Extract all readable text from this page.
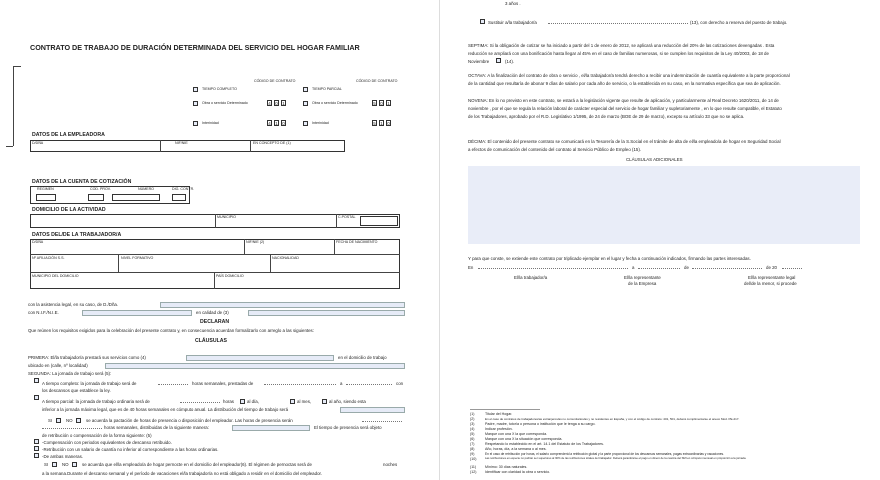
CONTRATO DE TRABAJO DE DURACIÓN DETERMINADA DEL SERVICIO DEL HOGAR FAMILIAR
CÓDIGO DE CONTRATO	CÓDIGO DE CONTRATO
TIEMPO COMPLETO	TIEMPO PARCIAL
Obra o servicio Determinado	4 0 1	Obra o servicio Determinado	5 0 1
Interinidad	4 1 0	Interinidad	5 1 0
DATOS DE LA EMPLEADORA
D/DÑA	NIF/NIE	EN CONCEPTO DE (1)
DATOS DE LA CUENTA DE COTIZACIÓN
REGIMEN	COD. PROV.	NÚMERO	DIG. CONTR.
DOMICILIO DE LA ACTIVIDAD
MUNICIPIO	C.POSTAL
DATOS DEL/DE LA TRABAJADOR/A
D/DÑA	NIF/NIE (2)	FECHA DE NACIMIENTO
Nº AFILIACIÓN S.S.	NIVEL FORMATIVO	NACIONALIDAD
MUNICIPIO DEL DOMICILIO	PAÍS DOMICILIO
con la asistencia legal, en su caso, de D./Dña.
con N.I.F./N.I.E.	en calidad de (3)
DECLARAN
Que reúnen los requisitos exigidos para la celebración del presente contrato y, en consecuencia acuerdan formalizarlo con arreglo a las siguientes:
CLÁUSULAS
PRIMERA: El/la trabajador/a prestará sus servicios como (4)	en el domicilio de trabajo
ubicado en (calle, nº localidad)
SEGUNDA: La jornada de trabajo será (5):
A tiempo completo: la jornada de trabajo será de	horas semanales, prestadas de	a	con
los descansos que establece la ley.
A tiempo parcial: la jornada de trabajo ordinaria será de	horas	al día,	al mes,	al año, siendo esta
inferior a la jornada máxima legal, que es de 40 horas semanales en cómputo anual. La distribución del tiempo de trabajo será
SI	NO	se acuerda la pactación de horas de presencia o disposición del empleador. Las horas de presencia serán
horas semanales, distribuidas de la siguiente manera:	El tiempo de presencia será objeto
de retribución o compensación de la forma siguiente: (5)
-Compensación con periodos equivalentes de descanso retribuido.
-Retribución con un salario de cuantía no inferior al correspondiente a las horas ordinarias.
-De ambas maneras.
SI	NO	se acuerda que el/la empleado/a de hogar pernocte en el domicilio del empleador(6). El régimen de pernoctas será de	noches
a la semana.Durante el descanso semanal y el período de vacaciones el/la trabajador/a no está obligado a residir en el domicilio del empleador.
3 años .
Sustituir a/la trabajador/a	(13), con derecho a reserva del puesto de trabajo.
SEPTIMA: Si la obligación de cotizar se ha iniciado a partir del 1 de enero de 2012, se aplicará una reducción del 20% de las cotizaciones devengadas . Esta
reducción se ampliará con una bonificación hasta llegar al 45% en el caso de familias numerosas, si se cumplen los requisitos de la Ley 40/2003, de 18 de
Noviembre	(14).
OCTAVA: A la finalización del contrato de obra o servicio , el/la trabajador/a tendrá derecho a recibir una indemnización de cuantía equivalente a la parte proporcional
de la cantidad que resultaría de abonar 9 días de salario por cada año de servicio, o la establecida en su caso, en la normativa específica que sea de aplicación.
NOVENA: En lo no previsto en este contrato, se estará a la legislación vigente que resulte de aplicación, y particularmente al Real Decreto 1620/2011, de 14 de
noviembre , por el que se regula la relación laboral de carácter especial del servicio de hogar familiar y supletoriamente , en lo que resulte compatible, el Estatuto
de los Trabajadores, aprobado por el R.D. Legislativo 1/1995, de 24 de marzo (BOE de 29 de marzo), excepto su artículo 33 que no se aplica.
DÉCIMA: El contenido del presente contrato se comunicará en la Tesorería de la S.Social en el trámite de alta de el/la empleado/a de hogar en Seguridad Social
a efectos de comunicación del contenido del contrato al Servicio Público de Empleo (15).
CLÁUSULAS ADICIONALES
Y para que conste, se extiende este contrato por triplicado ejemplar en el lugar y fecha a continuación indicados, firmando las partes interesadas.
En	a	de	de 20
El/la trabajador/a	El/la representante
de la Empresa
El/la representante legal
del/de la menor, si procede
(1)	Titular del Hogar.
(2)	En el caso de contratos de trabajadores/as extranjeros/as no comunitarios/as y no residentes en España, y con el código de contrato: 401, 501, deberá cumplimentarse el anexo Mod. PE-217.
(3)	Padre, madre, tutor/a o persona o institución que le tenga a su cargo.
(4)	Indicar profesión.
(5)	Marque con una X la que corresponda.
(6)	Marque con una X la situación que corresponda.
(7)	Respetando lo establecido en el art. 14.1 del Estatuto de los Trabajadores.
(8)	Año, horas, día, a la semana o al mes.
(9)	En el caso de retribución por horas, el salario comprenderá la retribución global y la parte proporcional de los descansos semanales, pagas extraordinarias y vacaciones.
(10)	Las retribuciones en especie no podrán ser superiores al 30% de las retribuciones totales del trabajador. Deberá garantizarse el pago en dinero de la cuantía del SMI en cómputo mensual en proporción a la jornada.
(11) Mínimo: 30 días naturales.
(12) Identificar con claridad la obra o servicio.
